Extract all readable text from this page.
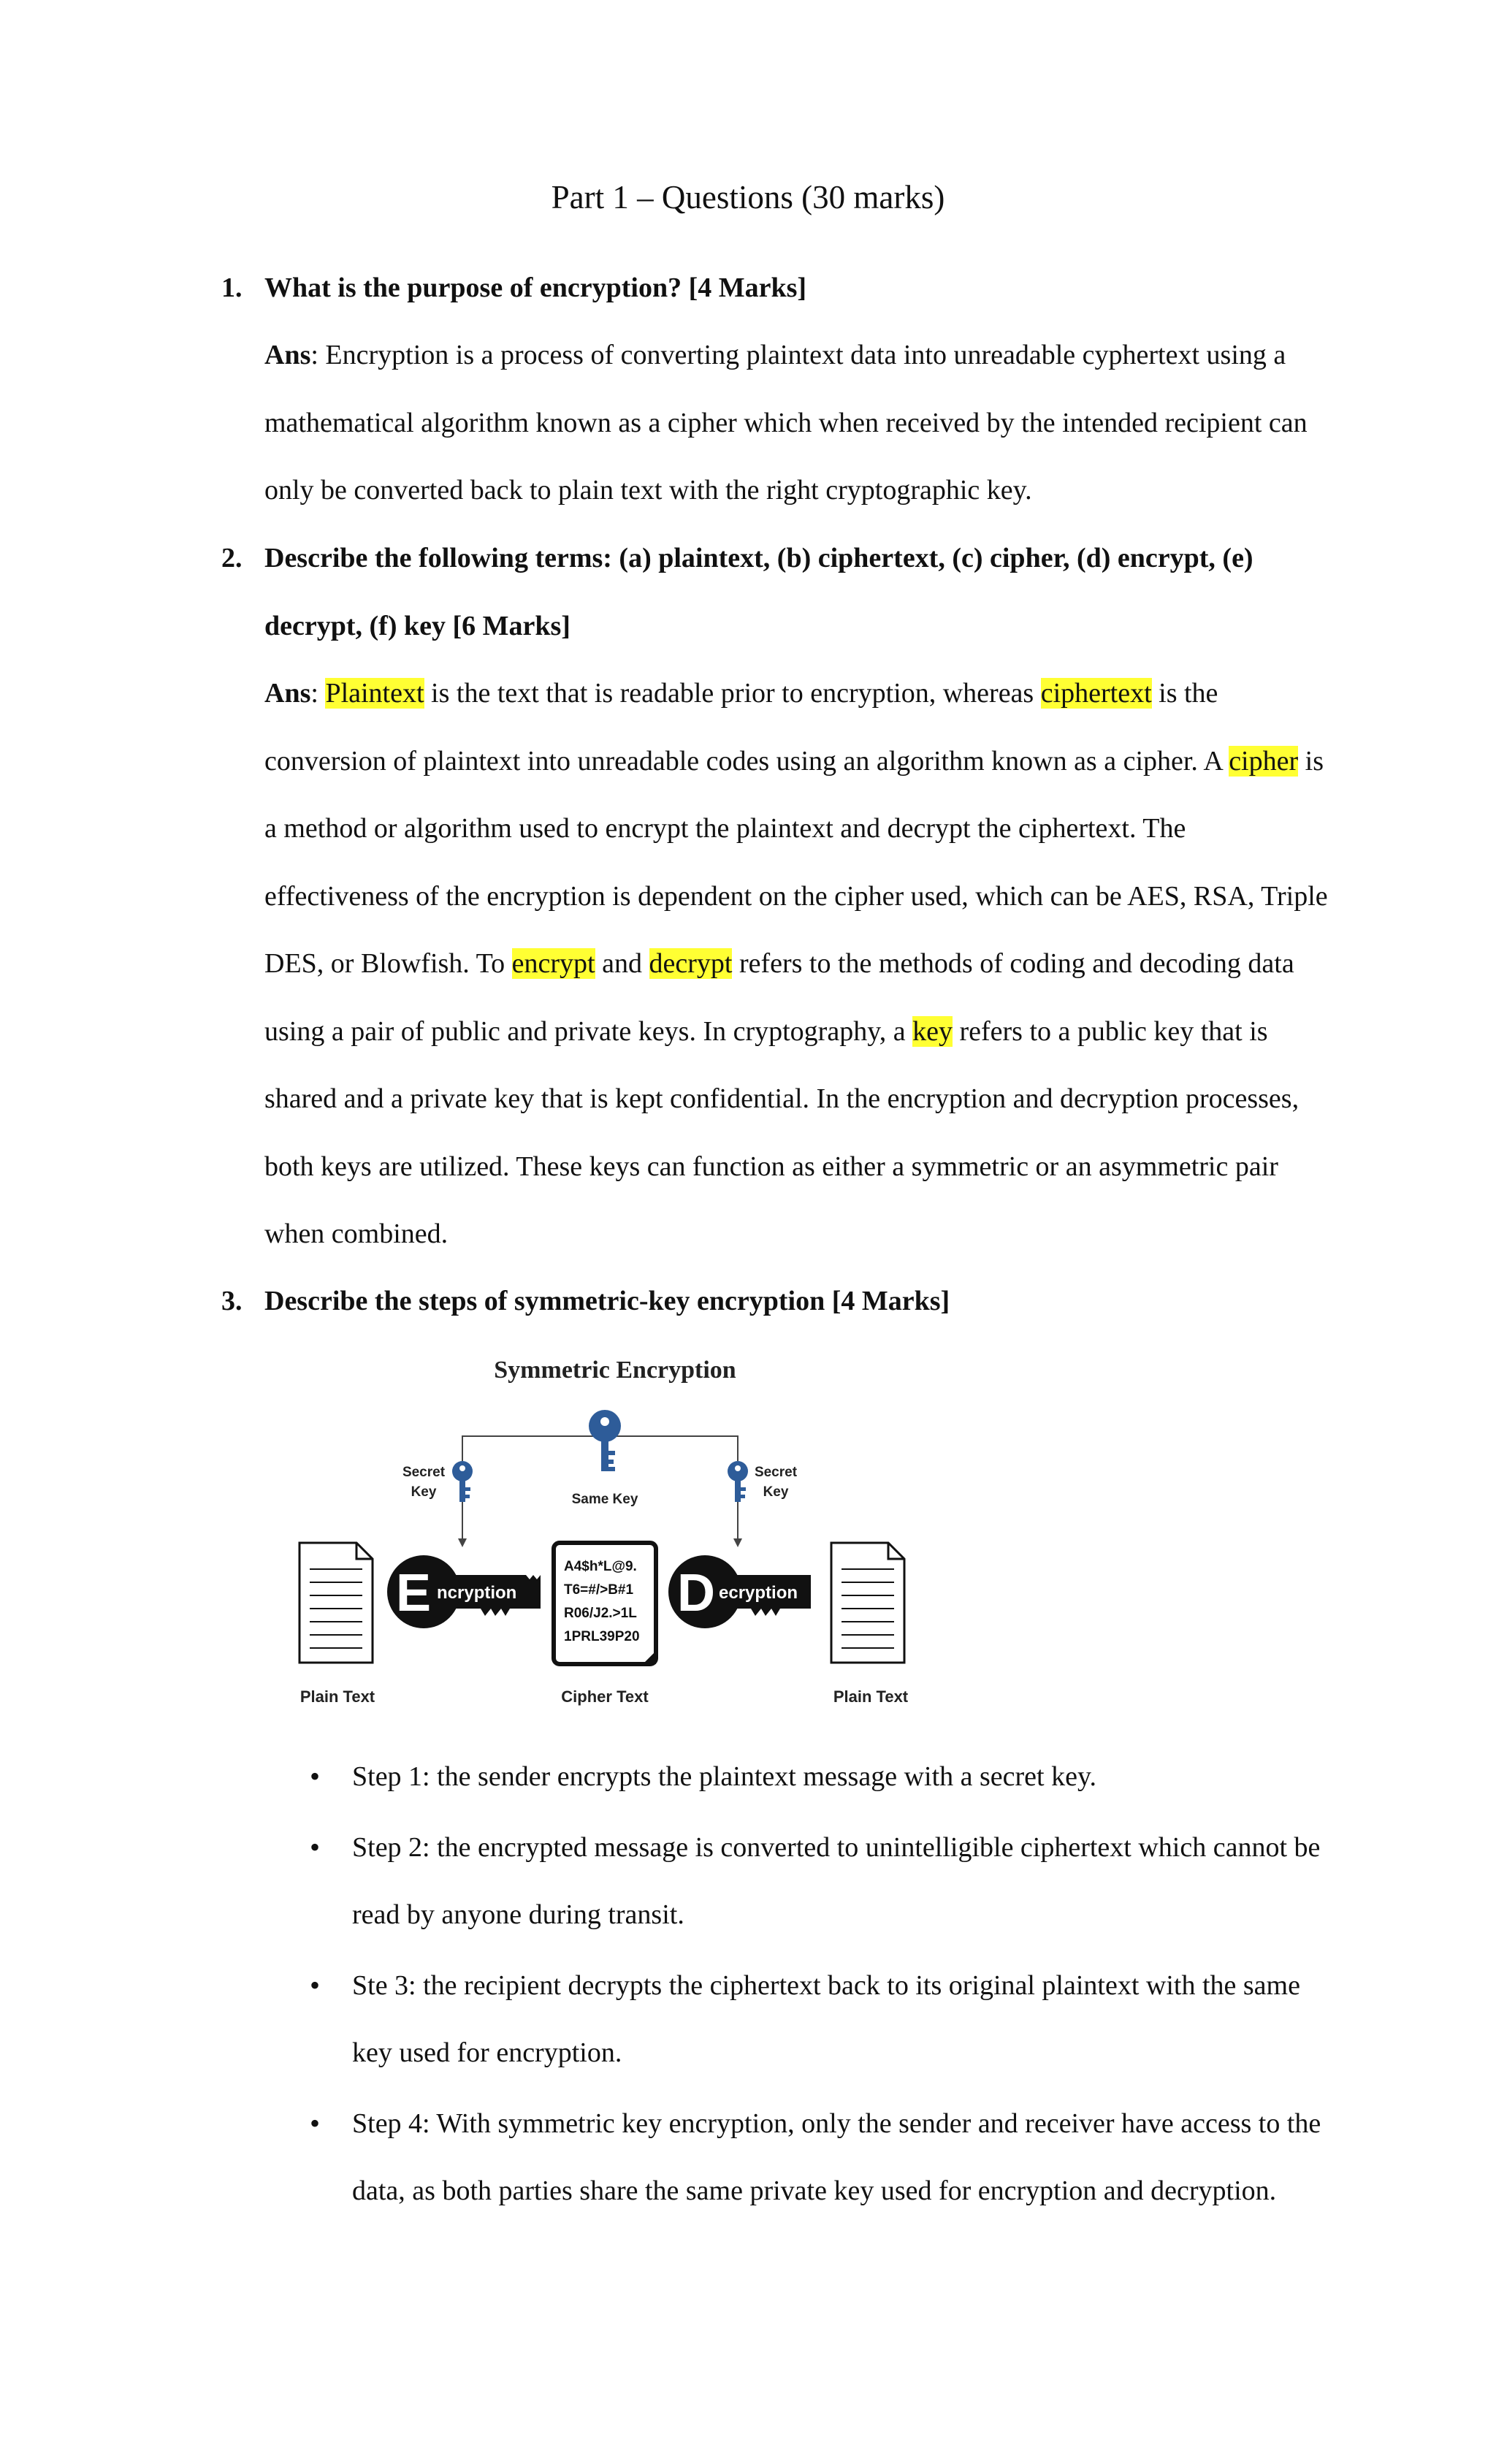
Part 1 – Questions (30 marks)
1. What is the purpose of encryption? [4 Marks]
Ans: Encryption is a process of converting plaintext data into unreadable cyphertext using a mathematical algorithm known as a cipher which when received by the intended recipient can only be converted back to plain text with the right cryptographic key.
2. Describe the following terms: (a) plaintext, (b) ciphertext, (c) cipher, (d) encrypt, (e) decrypt, (f) key [6 Marks]
Ans: Plaintext is the text that is readable prior to encryption, whereas ciphertext is the conversion of plaintext into unreadable codes using an algorithm known as a cipher. A cipher is a method or algorithm used to encrypt the plaintext and decrypt the ciphertext. The effectiveness of the encryption is dependent on the cipher used, which can be AES, RSA, Triple DES, or Blowfish. To encrypt and decrypt refers to the methods of coding and decoding data using a pair of public and private keys. In cryptography, a key refers to a public key that is shared and a private key that is kept confidential. In the encryption and decryption processes, both keys are utilized. These keys can function as either a symmetric or an asymmetric pair when combined.
3. Describe the steps of symmetric-key encryption [4 Marks]
Symmetric Encryption
Secret
Key	Same Key
Secret
Key
E ncryption
A4$h*L@9.
T6=#/>B#1
R06/J2.>1L
1PRL39P20
D ecryption
Plain Text	Cipher Text	Plain Text
• Step 1: the sender encrypts the plaintext message with a secret key.
• Step 2: the encrypted message is converted to unintelligible ciphertext which cannot be read by anyone during transit.
• Ste 3: the recipient decrypts the ciphertext back to its original plaintext with the same key used for encryption.
• Step 4: With symmetric key encryption, only the sender and receiver have access to the data, as both parties share the same private key used for encryption and decryption.
